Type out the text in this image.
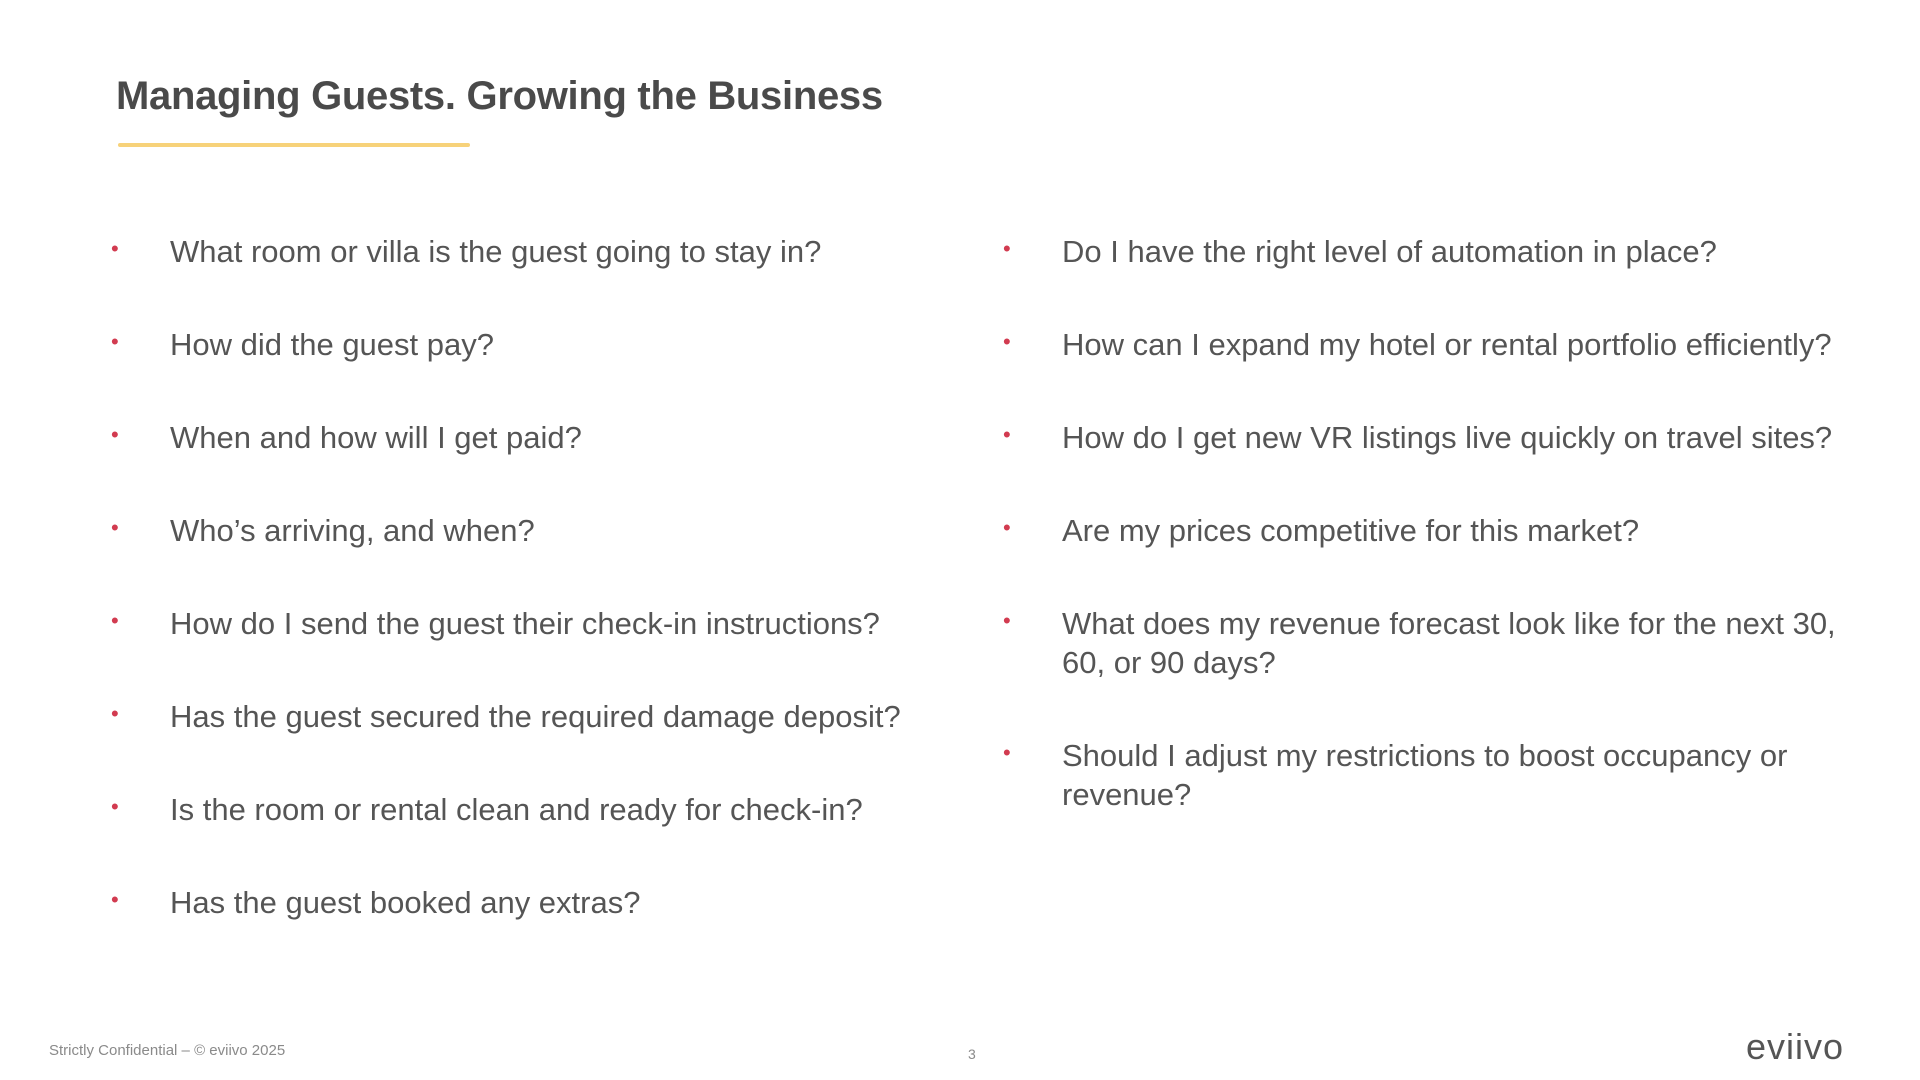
Managing Guests. Growing the Business
• What room or villa is the guest going to stay in?
• How did the guest pay?
• When and how will I get paid?
• Who’s arriving, and when?
• How do I send the guest their check-in instructions?
• Has the guest secured the required damage deposit?
• Is the room or rental clean and ready for check-in?
• Has the guest booked any extras?
• Do I have the right level of automation in place?
• How can I expand my hotel or rental portfolio efficiently?
• How do I get new VR listings live quickly on travel sites?
• Are my prices competitive for this market?
• What does my revenue forecast look like for the next 30, 60, or 90 days?
• Should I adjust my restrictions to boost occupancy or revenue?
Strictly Confidential – © eviivo 2025	3	eviivo
